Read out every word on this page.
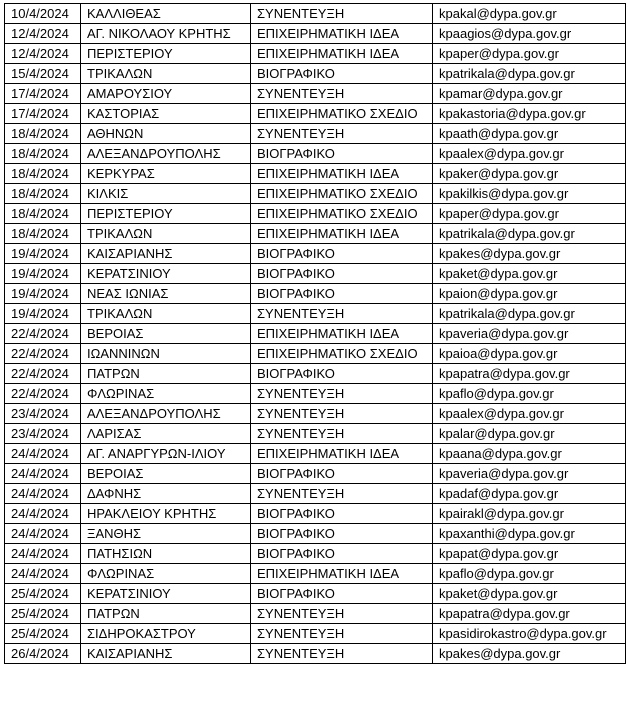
10/4/2024	ΚΑΛΛΙΘΕΑΣ	ΣΥΝΕΝΤΕΥΞΗ	kpakal@dypa.gov.gr
12/4/2024	ΑΓ. ΝΙΚΟΛΑΟΥ ΚΡΗΤΗΣ	ΕΠΙΧΕΙΡΗΜΑΤΙΚΗ ΙΔΕΑ	kpaagios@dypa.gov.gr
12/4/2024	ΠΕΡΙΣΤΕΡΙΟΥ	ΕΠΙΧΕΙΡΗΜΑΤΙΚΗ ΙΔΕΑ	kpaper@dypa.gov.gr
15/4/2024	ΤΡΙΚΑΛΩΝ	ΒΙΟΓΡΑΦΙΚΟ	kpatrikala@dypa.gov.gr
17/4/2024	ΑΜΑΡΟΥΣΙΟΥ	ΣΥΝΕΝΤΕΥΞΗ	kpamar@dypa.gov.gr
17/4/2024	ΚΑΣΤΟΡΙΑΣ	ΕΠΙΧΕΙΡΗΜΑΤΙΚΟ ΣΧΕΔΙΟ	kpakastoria@dypa.gov.gr
18/4/2024	ΑΘΗΝΩΝ	ΣΥΝΕΝΤΕΥΞΗ	kpaath@dypa.gov.gr
18/4/2024	ΑΛΕΞΑΝΔΡΟΥΠΟΛΗΣ	ΒΙΟΓΡΑΦΙΚΟ	kpaalex@dypa.gov.gr
18/4/2024	ΚΕΡΚΥΡΑΣ	ΕΠΙΧΕΙΡΗΜΑΤΙΚΗ ΙΔΕΑ	kpaker@dypa.gov.gr
18/4/2024	ΚΙΛΚΙΣ	ΕΠΙΧΕΙΡΗΜΑΤΙΚΟ ΣΧΕΔΙΟ	kpakilkis@dypa.gov.gr
18/4/2024	ΠΕΡΙΣΤΕΡΙΟΥ	ΕΠΙΧΕΙΡΗΜΑΤΙΚΟ ΣΧΕΔΙΟ	kpaper@dypa.gov.gr
18/4/2024	ΤΡΙΚΑΛΩΝ	ΕΠΙΧΕΙΡΗΜΑΤΙΚΗ ΙΔΕΑ	kpatrikala@dypa.gov.gr
19/4/2024	ΚΑΙΣΑΡΙΑΝΗΣ	ΒΙΟΓΡΑΦΙΚΟ	kpakes@dypa.gov.gr
19/4/2024	ΚΕΡΑΤΣΙΝΙΟΥ	ΒΙΟΓΡΑΦΙΚΟ	kpaket@dypa.gov.gr
19/4/2024	ΝΕΑΣ ΙΩΝΙΑΣ	ΒΙΟΓΡΑΦΙΚΟ	kpaion@dypa.gov.gr
19/4/2024	ΤΡΙΚΑΛΩΝ	ΣΥΝΕΝΤΕΥΞΗ	kpatrikala@dypa.gov.gr
22/4/2024	ΒΕΡΟΙΑΣ	ΕΠΙΧΕΙΡΗΜΑΤΙΚΗ ΙΔΕΑ	kpaveria@dypa.gov.gr
22/4/2024	ΙΩΑΝΝΙΝΩΝ	ΕΠΙΧΕΙΡΗΜΑΤΙΚΟ ΣΧΕΔΙΟ	kpaioa@dypa.gov.gr
22/4/2024	ΠΑΤΡΩΝ	ΒΙΟΓΡΑΦΙΚΟ	kpapatra@dypa.gov.gr
22/4/2024	ΦΛΩΡΙΝΑΣ	ΣΥΝΕΝΤΕΥΞΗ	kpaflo@dypa.gov.gr
23/4/2024	ΑΛΕΞΑΝΔΡΟΥΠΟΛΗΣ	ΣΥΝΕΝΤΕΥΞΗ	kpaalex@dypa.gov.gr
23/4/2024	ΛΑΡΙΣΑΣ	ΣΥΝΕΝΤΕΥΞΗ	kpalar@dypa.gov.gr
24/4/2024	ΑΓ. ΑΝΑΡΓΥΡΩΝ-ΙΛΙΟΥ	ΕΠΙΧΕΙΡΗΜΑΤΙΚΗ ΙΔΕΑ	kpaana@dypa.gov.gr
24/4/2024	ΒΕΡΟΙΑΣ	ΒΙΟΓΡΑΦΙΚΟ	kpaveria@dypa.gov.gr
24/4/2024	ΔΑΦΝΗΣ	ΣΥΝΕΝΤΕΥΞΗ	kpadaf@dypa.gov.gr
24/4/2024	ΗΡΑΚΛΕΙΟΥ ΚΡΗΤΗΣ	ΒΙΟΓΡΑΦΙΚΟ	kpairakl@dypa.gov.gr
24/4/2024	ΞΑΝΘΗΣ	ΒΙΟΓΡΑΦΙΚΟ	kpaxanthi@dypa.gov.gr
24/4/2024	ΠΑΤΗΣΙΩΝ	ΒΙΟΓΡΑΦΙΚΟ	kpapat@dypa.gov.gr
24/4/2024	ΦΛΩΡΙΝΑΣ	ΕΠΙΧΕΙΡΗΜΑΤΙΚΗ ΙΔΕΑ	kpaflo@dypa.gov.gr
25/4/2024	ΚΕΡΑΤΣΙΝΙΟΥ	ΒΙΟΓΡΑΦΙΚΟ	kpaket@dypa.gov.gr
25/4/2024	ΠΑΤΡΩΝ	ΣΥΝΕΝΤΕΥΞΗ	kpapatra@dypa.gov.gr
25/4/2024	ΣΙΔΗΡΟΚΑΣΤΡΟΥ	ΣΥΝΕΝΤΕΥΞΗ	kpasidirokastro@dypa.gov.gr
26/4/2024	ΚΑΙΣΑΡΙΑΝΗΣ	ΣΥΝΕΝΤΕΥΞΗ	kpakes@dypa.gov.gr
